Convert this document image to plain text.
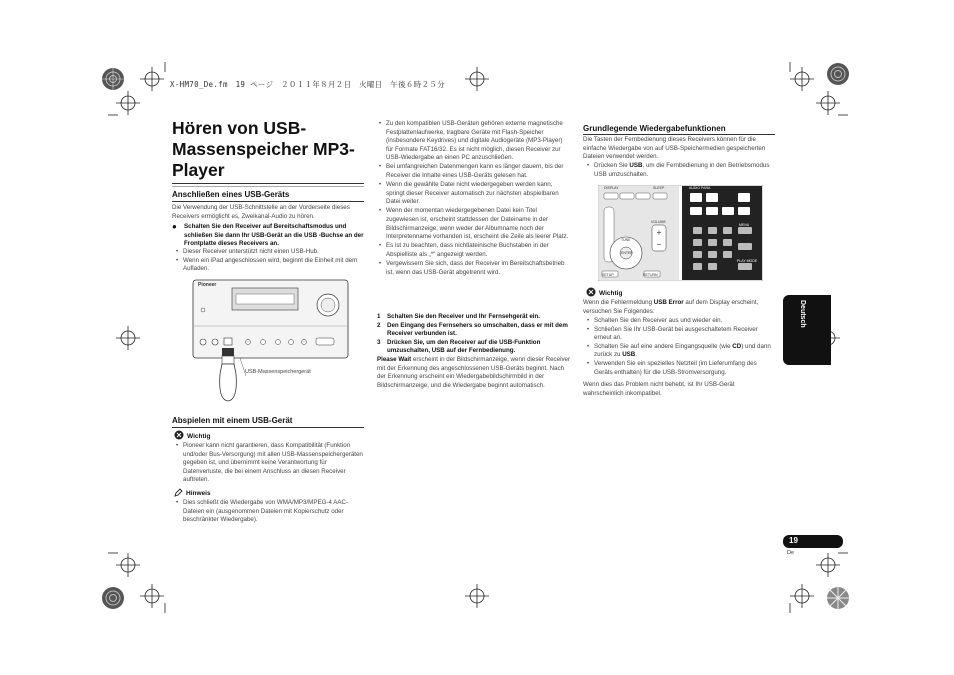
X-HM70_De.fm　19 ページ　２０１１年８月２日　火曜日　午後６時２５分
Hören von USB-Massenspeicher MP3-Player
Anschließen eines USB-Geräts
Die Verwendung der USB-Schnittstelle an der Vorderseite dieses Receivers ermöglicht es, Zweikanal-Audio zu hören.
● Schalten Sie den Receiver auf Bereitschaftsmodus und schließen Sie dann Ihr USB-Gerät an die USB -Buchse an der Frontplatte dieses Receivers an.
• Dieser Receiver unterstützt nicht einen USB-Hub.
• Wenn ein iPad angeschlossen wird, beginnt die Einheit mit dem Aufladen.
Pioneer
USB-Massenspeichergerät
Abspielen mit einem USB-Gerät
Wichtig
• Pioneer kann nicht garantieren, dass Kompatibilität (Funktion und/oder Bus-Versorgung) mit allen USB-Massenspeichergeräten gegeben ist, und übernimmt keine Verantwortung für Datenverluste, die bei einem Anschluss an diesen Receiver auftreten.
Hinweis
• Dies schließt die Wiedergabe von WMA/MP3/MPEG-4 AAC-Dateien ein (ausgenommen Dateien mit Kopierschutz oder beschränkter Wiedergabe).
• Zu den kompatiblen USB-Geräten gehören externe magnetische Festplattenlaufwerke, tragbare Geräte mit Flash-Speicher (insbesondere Keydrives) und digitale Audiogeräte (MP3-Player) für Formate FAT16/32. Es ist nicht möglich, diesen Receiver zur USB-Wiedergabe an einen PC anzuschließen.
• Bei umfangreichen Datenmengen kann es länger dauern, bis der Receiver die Inhalte eines USB-Geräts gelesen hat.
• Wenn die gewählte Datei nicht wiedergegeben werden kann, springt dieser Receiver automatisch zur nächsten abspielbaren Datei weiter.
• Wenn der momentan wiedergegebenen Datei kein Titel zugewiesen ist, erscheint stattdessen der Dateiname in der Bildschirmanzeige; wenn weder der Albumname noch der Interpretenname vorhanden ist, erscheint die Zeile als leerer Platz.
• Es ist zu beachten, dass nichtlateinische Buchstaben in der Abspielliste als „*“ angezeigt werden.
• Vergewissern Sie sich, dass der Receiver im Bereitschaftsbetrieb ist, wenn das USB-Gerät abgetrennt wird.
1 Schalten Sie den Receiver und Ihr Fernsehgerät ein.
2 Den Eingang des Fernsehers so umschalten, dass er mit dem Receiver verbunden ist.
3 Drücken Sie, um den Receiver auf die USB-Funktion umzuschalten, USB auf der Fernbedienung.
Please Wait erscheint in der Bildschirmanzeige, wenn dieser Receiver mit der Erkennung des angeschlossenen USB-Geräts beginnt. Nach der Erkennung erscheint ein Wiedergabebildschirmbild in der Bildschirmanzeige, und die Wiedergabe beginnt automatisch.
Grundlegende Wiedergabefunktionen
Die Tasten der Fernbedienung dieses Receivers können für die einfache Wiedergabe von auf USB-Speichermedien gespeicherten Dateien verwendet werden.
• Drücken Sie USB, um die Fernbedienung in den Betriebsmodus USB umzuschalten.
+
−
DISPLAY	SLEEP	AUDIO PARA
VOLUME
TUNE
ENTER
SETUP	RETURN
MENU
PLAY MODE
Wichtig
Wenn die Fehlermeldung USB Error auf dem Display erscheint, versuchen Sie Folgendes:
• Schalten Sie den Receiver aus und wieder ein.
• Schließen Sie Ihr USB-Gerät bei ausgeschaltetem Receiver erneut an.
• Schalten Sie auf eine andere Eingangsquelle (wie CD) und dann zurück zu USB.
• Verwenden Sie ein spezielles Netzteil (im Lieferumfang des Geräts enthalten) für die USB-Stromversorgung.
Wenn dies das Problem nicht behebt, ist Ihr USB-Gerät wahrscheinlich inkompatibel.
Deutsch
19
De
